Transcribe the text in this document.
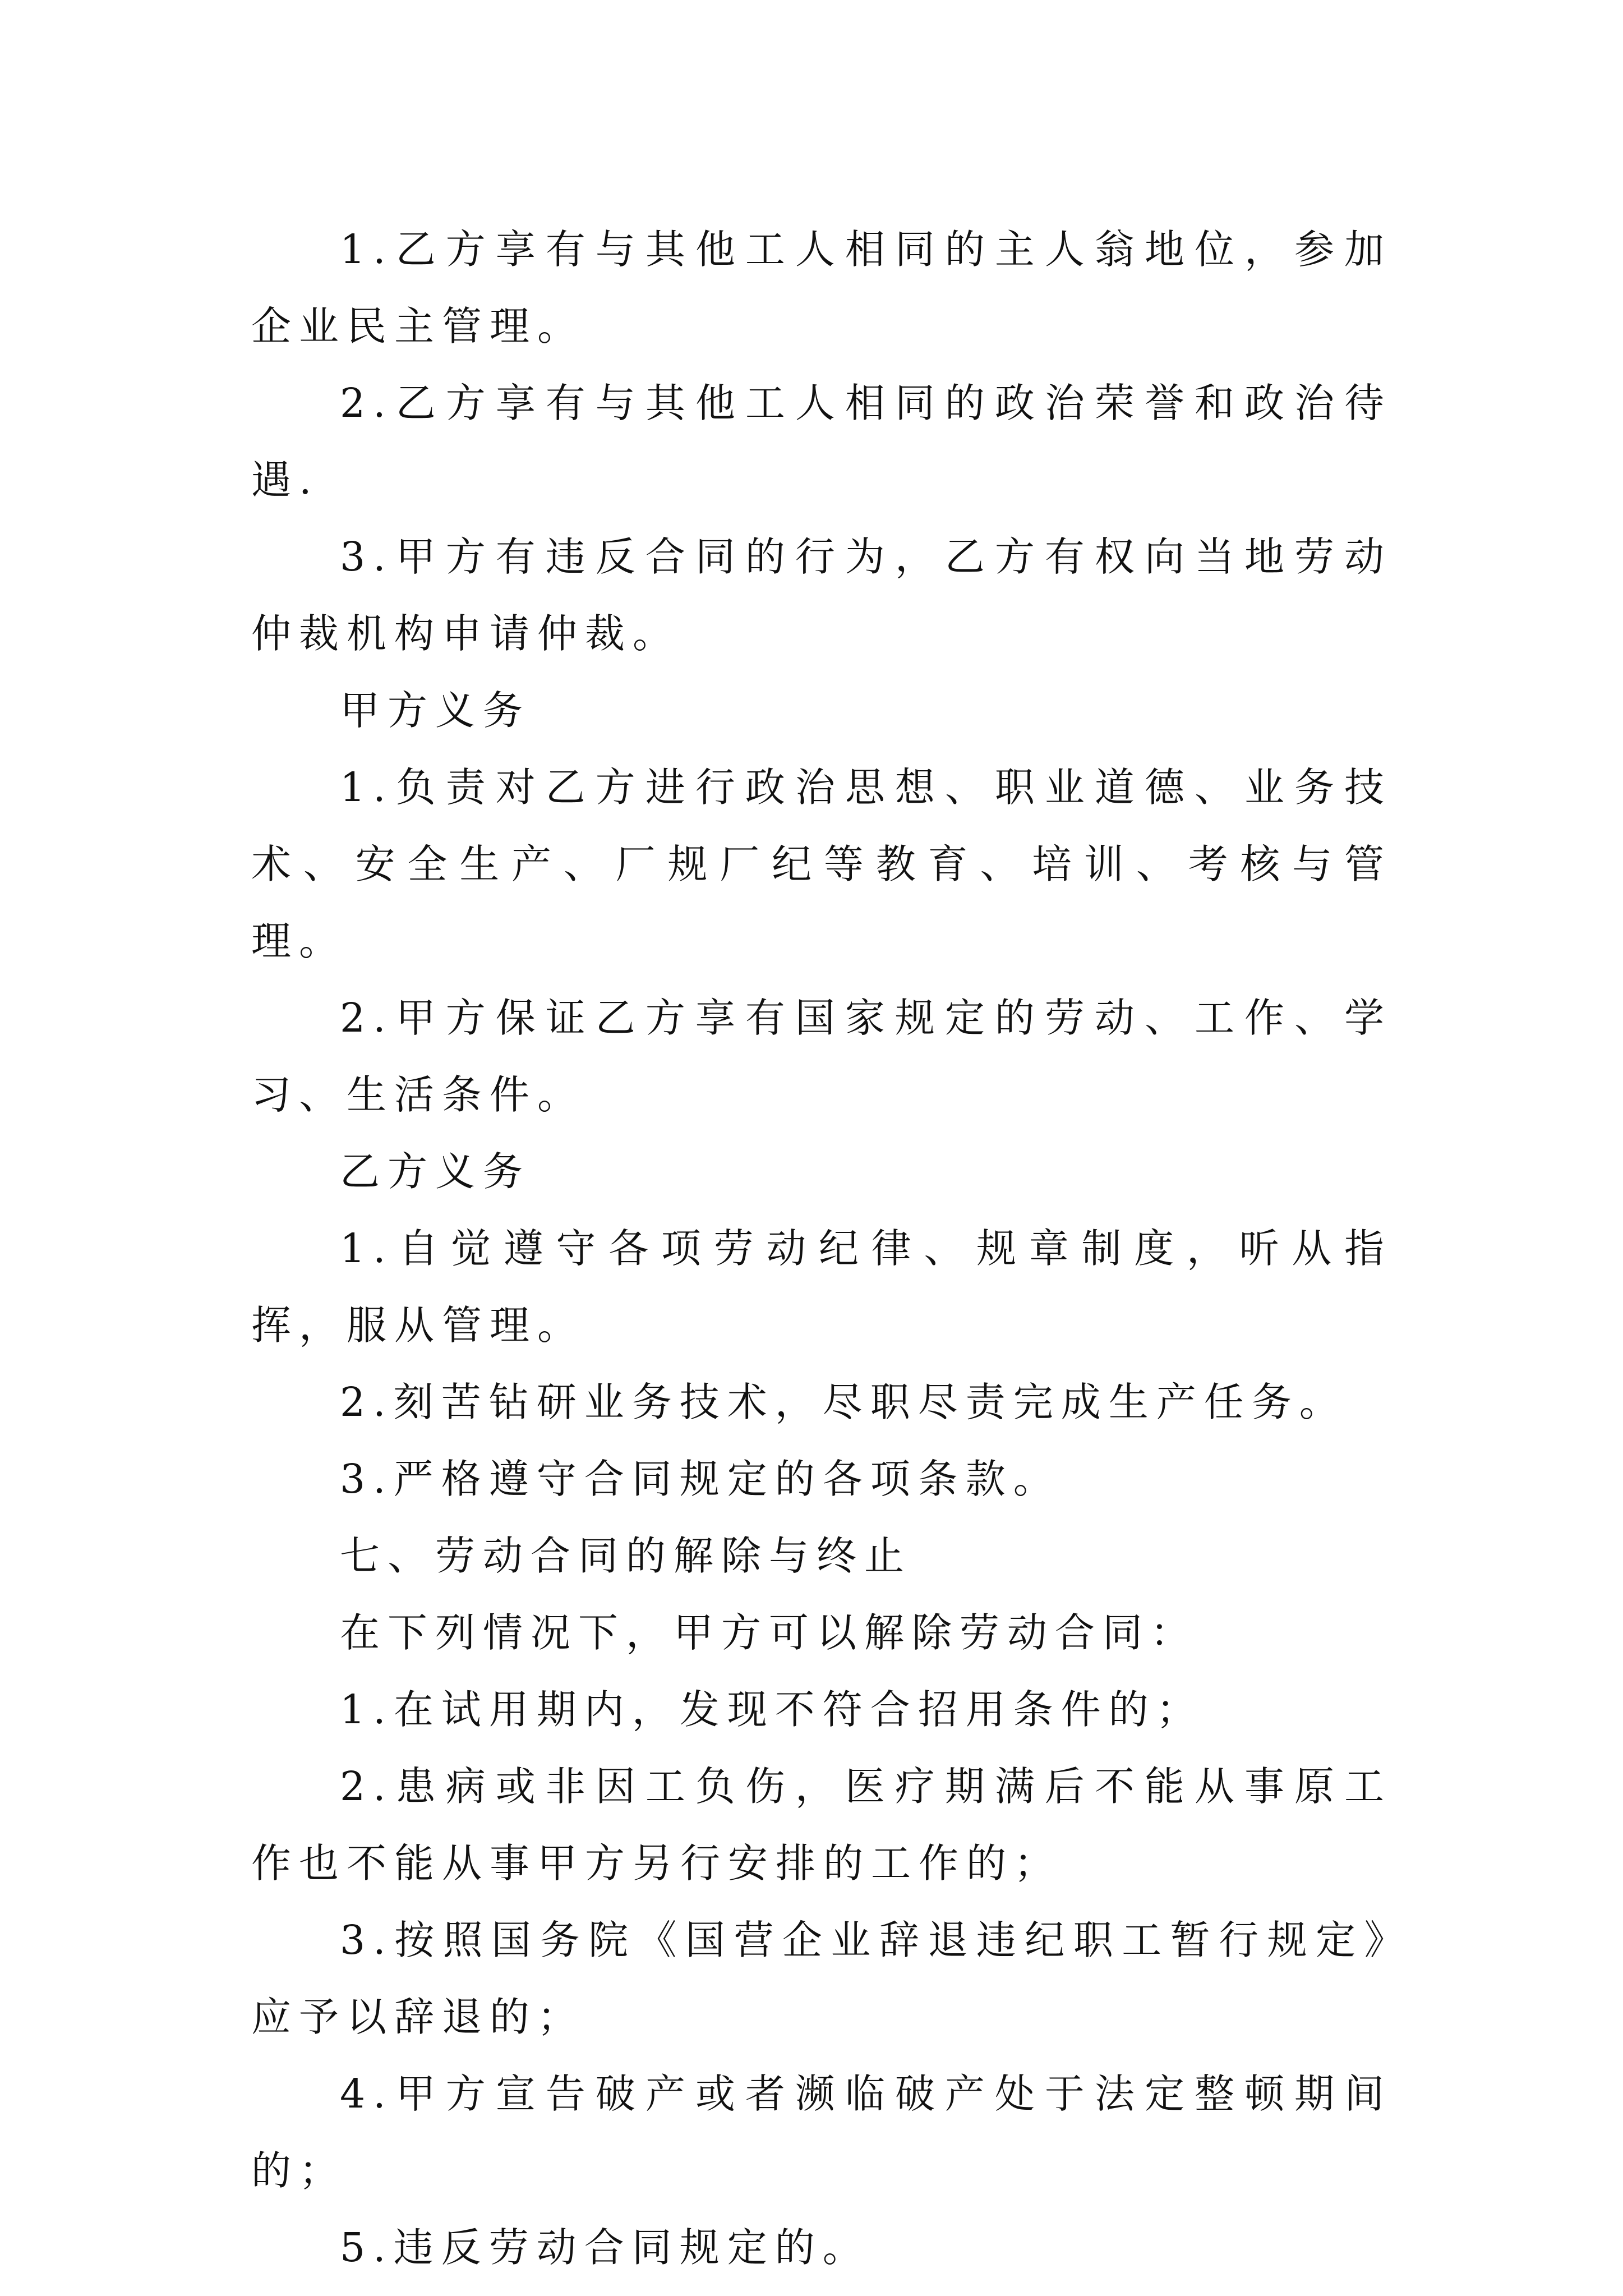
1.乙方享有与其他工人相同的主人翁地位，参加企业民主管理。

2.乙方享有与其他工人相同的政治荣誉和政治待遇.

3.甲方有违反合同的行为，乙方有权向当地劳动仲裁机构申请仲裁。

甲方义务

1.负责对乙方进行政治思想、职业道德、业务技术、安全生产、厂规厂纪等教育、培训、考核与管理。

2.甲方保证乙方享有国家规定的劳动、工作、学习、生活条件。

乙方义务

1.自觉遵守各项劳动纪律、规章制度，听从指挥，服从管理。

2.刻苦钻研业务技术，尽职尽责完成生产任务。

3.严格遵守合同规定的各项条款。

七、劳动合同的解除与终止

在下列情况下，甲方可以解除劳动合同：

1.在试用期内，发现不符合招用条件的；

2.患病或非因工负伤，医疗期满后不能从事原工作也不能从事甲方另行安排的工作的；

3.按照国务院《国营企业辞退违纪职工暂行规定》应予以辞退的；

4.甲方宣告破产或者濒临破产处于法定整顿期间的；

5.违反劳动合同规定的。
